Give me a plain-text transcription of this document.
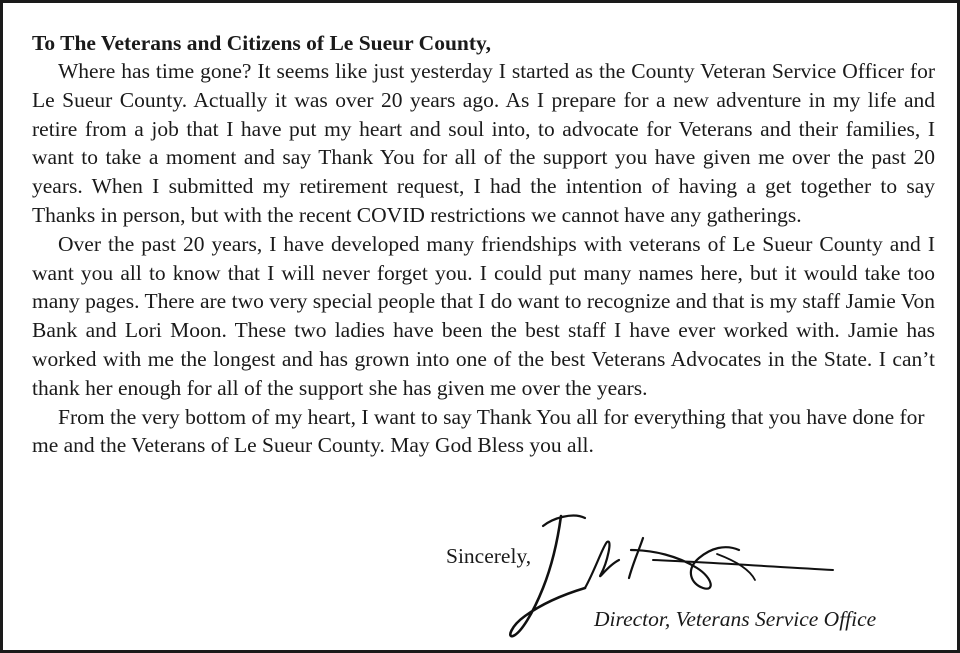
To The Veterans and Citizens of Le Sueur County,

Where has time gone? It seems like just yesterday I started as the County Veteran Service Officer for Le Sueur County. Actually it was over 20 years ago. As I prepare for a new adventure in my life and retire from a job that I have put my heart and soul into, to advocate for Veterans and their families, I want to take a moment and say Thank You for all of the support you have given me over the past 20 years. When I submitted my retirement request, I had the intention of having a get together to say Thanks in person, but with the recent COVID restrictions we cannot have any gatherings.

Over the past 20 years, I have developed many friendships with veterans of Le Sueur County and I want you all to know that I will never forget you. I could put many names here, but it would take too many pages. There are two very special people that I do want to recognize and that is my staff Jamie Von Bank and Lori Moon. These two ladies have been the best staff I have ever worked with. Jamie has worked with me the longest and has grown into one of the best Veterans Advocates in the State. I can’t thank her enough for all of the support she has given me over the years.

From the very bottom of my heart, I want to say Thank You all for everything that you have done for me and the Veterans of Le Sueur County. May God Bless you all.

Sincerely,
Director, Veterans Service Office
